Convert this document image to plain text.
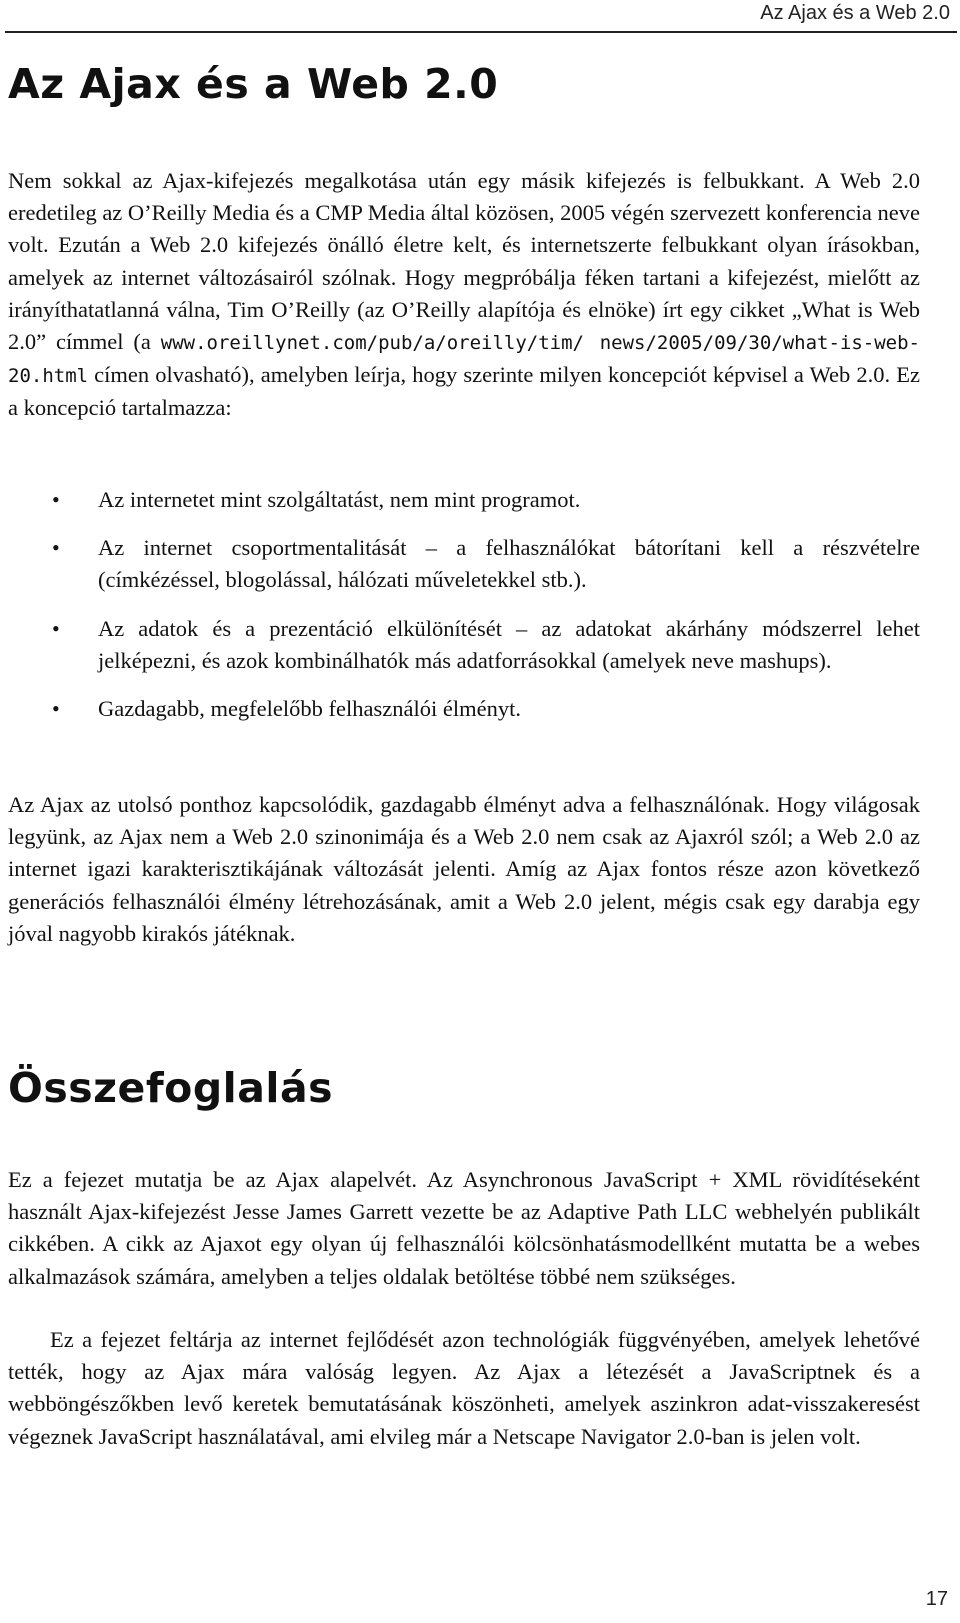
Az Ajax és a Web 2.0
Az Ajax és a Web 2.0

Nem sokkal az Ajax-kifejezés megalkotása után egy másik kifejezés is felbukkant. A Web 2.0 eredetileg az O’Reilly Media és a CMP Media által közösen, 2005 végén szervezett konferencia neve volt. Ezután a Web 2.0 kifejezés önálló életre kelt, és internetszerte felbukkant olyan írásokban, amelyek az internet változásairól szólnak. Hogy megpróbálja féken tartani a kifejezést, mielőtt az irányíthatatlanná válna, Tim O’Reilly (az O’Reilly alapítója és elnöke) írt egy cikket „What is Web 2.0” címmel (a www.oreillynet.com/pub/a/oreilly/tim/ news/2005/09/30/what-is-web-20.html címen olvasható), amelyben leírja, hogy szerinte milyen koncepciót képvisel a Web 2.0. Ez a koncepció tartalmazza:

• Az internetet mint szolgáltatást, nem mint programot.
• Az internet csoportmentalitását – a felhasználókat bátorítani kell a részvételre (címkézéssel, blogolással, hálózati műveletekkel stb.).
• Az adatok és a prezentáció elkülönítését – az adatokat akárhány módszerrel lehet jelképezni, és azok kombinálhatók más adatforrásokkal (amelyek neve mashups).
• Gazdagabb, megfelelőbb felhasználói élményt.

Az Ajax az utolsó ponthoz kapcsolódik, gazdagabb élményt adva a felhasználónak. Hogy világosak legyünk, az Ajax nem a Web 2.0 szinonimája és a Web 2.0 nem csak az Ajaxról szól; a Web 2.0 az internet igazi karakterisztikájának változását jelenti. Amíg az Ajax fontos része azon következő generációs felhasználói élmény létrehozásának, amit a Web 2.0 jelent, mégis csak egy darabja egy jóval nagyobb kirakós játéknak.

Összefoglalás

Ez a fejezet mutatja be az Ajax alapelvét. Az Asynchronous JavaScript + XML rövidítéseként használt Ajax-kifejezést Jesse James Garrett vezette be az Adaptive Path LLC webhelyén publikált cikkében. A cikk az Ajaxot egy olyan új felhasználói kölcsönhatásmodellként mutatta be a webes alkalmazások számára, amelyben a teljes oldalak betöltése többé nem szükséges.

Ez a fejezet feltárja az internet fejlődését azon technológiák függvényében, amelyek lehetővé tették, hogy az Ajax mára valóság legyen. Az Ajax a létezését a JavaScriptnek és a webböngészőkben levő keretek bemutatásának köszönheti, amelyek aszinkron adat-visszakeresést végeznek JavaScript használatával, ami elvileg már a Netscape Navigator 2.0-ban is jelen volt.

17
